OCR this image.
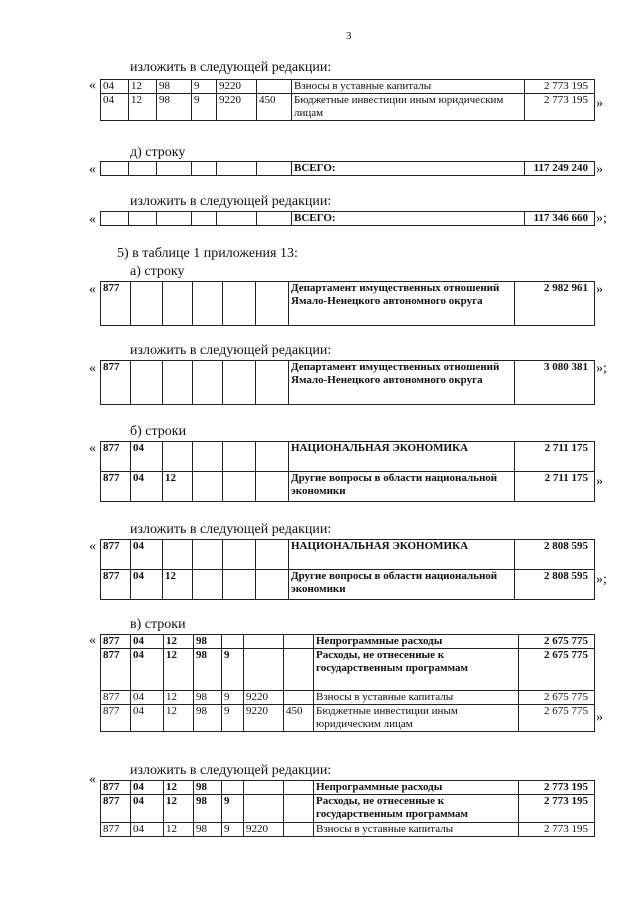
3
изложить в следующей редакции:
« 04	12	98	9	9220		Взносы в уставные капиталы	2 773 195
04	12	98	9	9220	450	Бюджетные инвестиции иным юридическим лицам	2 773 195 »
д) строку
«
							ВСЕГО:	117 249 240 »
изложить в следующей редакции:
«
							ВСЕГО:	117 346 660 »;
5) в таблице 1 приложения 13:
а) строку
« 877						Департамент имущественных отношений Ямало-Ненецкого автономного округа	2 982 961 »
изложить в следующей редакции:
« 877						Департамент имущественных отношений Ямало-Ненецкого автономного округа	3 080 381 »;
б) строки
« 877	04					НАЦИОНАЛЬНАЯ ЭКОНОМИКА	2 711 175
877	04	12				Другие вопросы в области национальной экономики	2 711 175 »
изложить в следующей редакции:
« 877	04					НАЦИОНАЛЬНАЯ ЭКОНОМИКА	2 808 595
877	04	12				Другие вопросы в области национальной экономики	2 808 595 »;
в) строки
« 877	04	12	98				Непрограммные расходы	2 675 775
877	04	12	98	9			Расходы, не отнесенные к государственным программам	2 675 775
877	04	12	98	9	9220		Взносы в уставные капиталы	2 675 775
877	04	12	98	9	9220	450	Бюджетные инвестиции иным юридическим лицам	2 675 775 »
изложить в следующей редакции:
« 877	04	12	98				Непрограммные расходы	2 773 195
877	04	12	98	9			Расходы, не отнесенные к государственным программам	2 773 195
877	04	12	98	9	9220		Взносы в уставные капиталы	2 773 195
